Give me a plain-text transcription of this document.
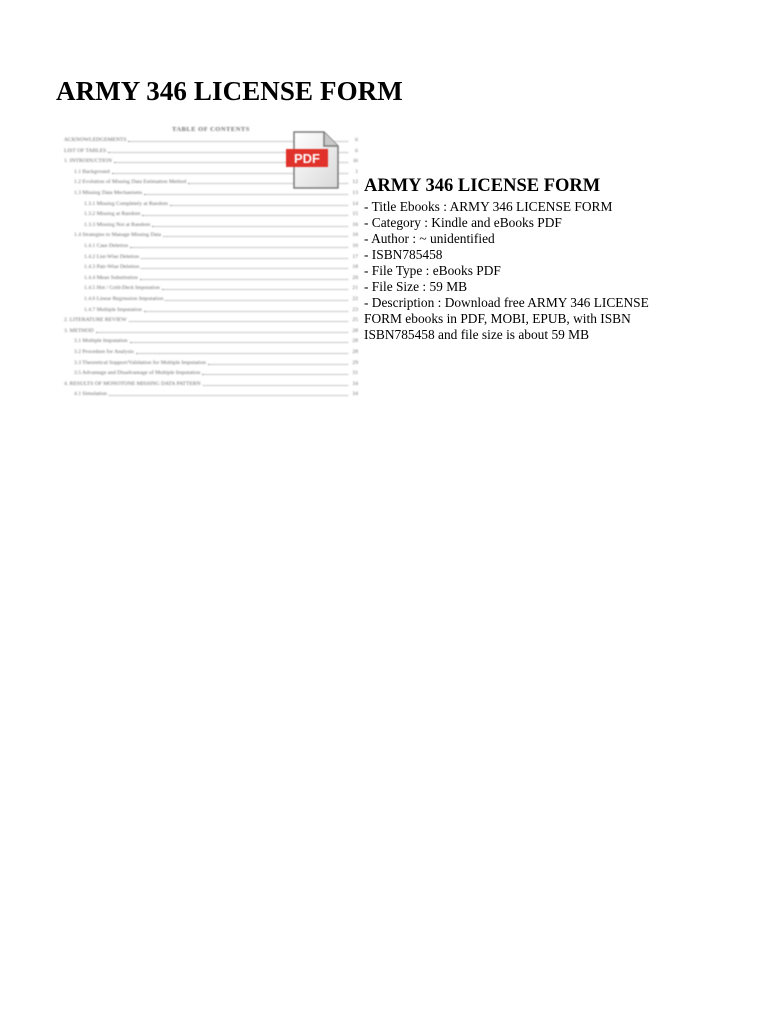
ARMY 346 LICENSE FORM
TABLE OF CONTENTS
ACKNOWLEDGEMENTS	ii
LIST OF TABLES	ii
1. INTRODUCTION	iii
1.1 Background	1
1.2 Evolution of Missing Data Estimation Method	12
1.3 Missing Data Mechanisms	13
1.3.1 Missing Completely at Random	14
1.3.2 Missing at Random	15
1.3.3 Missing Not at Random	16
1.4 Strategies to Manage Missing Data	16
1.4.1 Case Deletion	16
1.4.2 List-Wise Deletion	17
1.4.3 Pair-Wise Deletion	18
1.4.4 Mean Substitution	20
1.4.5 Hot / Cold-Deck Imputation	21
1.4.6 Linear Regression Imputation	22
1.4.7 Multiple Imputation	23
2. LITERATURE REVIEW	25
3. METHOD	28
3.1 Multiple Imputation	28
3.2 Procedure for Analysis	28
3.3 Theoretical Support/Validation for Multiple Imputation	29
3.5 Advantage and Disadvantage of Multiple Imputation	31
4. RESULTS OF MONOTONE MISSING DATA PATTERN	34
4.1 Simulation	34
PDF
ARMY 346 LICENSE FORM
- Title Ebooks : ARMY 346 LICENSE FORM
- Category : Kindle and eBooks PDF
- Author : ~ unidentified
- ISBN785458
- File Type : eBooks PDF
- File Size : 59 MB
- Description : Download free ARMY 346 LICENSE FORM ebooks in PDF, MOBI, EPUB, with ISBN ISBN785458 and file size is about 59 MB
